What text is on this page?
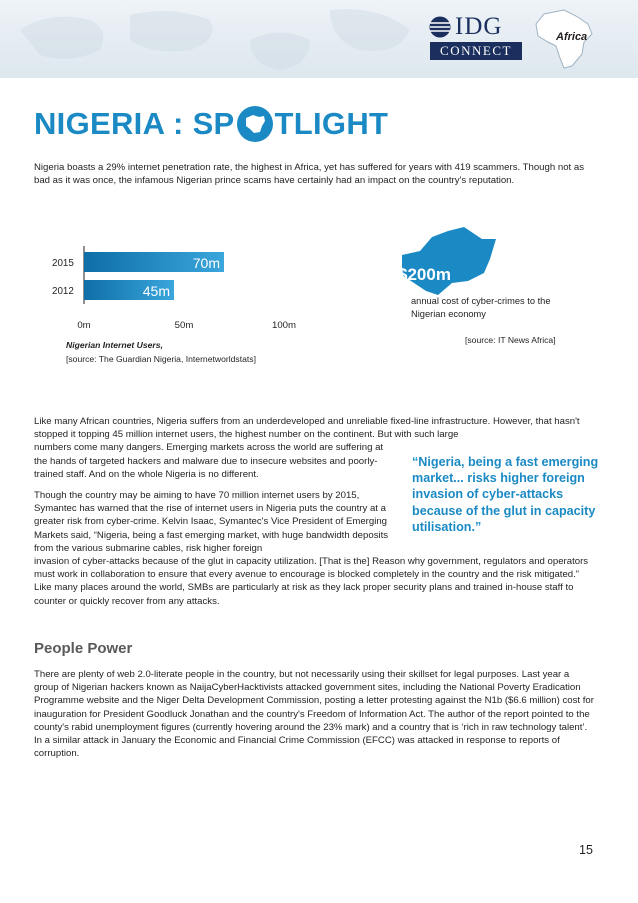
IDG
CONNECT
Africa
NIGERIA : SP TLIGHT

Nigeria boasts a 29% internet penetration rate, the highest in Africa, yet has suffered for years with 419 scammers. Though not as bad as it was once, the infamous Nigerian prince scams have certainly had an impact on the country's reputation.

2015	70m
2012	45m
0m	50m	100m
Nigerian Internet Users,
[source: The Guardian Nigeria, Internetworldstats]
$200m
annual cost of cyber-crimes to the Nigerian economy
[source: IT News Africa]

Like many African countries, Nigeria suffers from an underdeveloped and unreliable fixed-line infrastructure. However, that hasn't stopped it topping 45 million internet users, the highest number on the continent. But with such large
numbers come many dangers. Emerging markets across the world are suffering at the hands of targeted hackers and malware due to insecure websites and poorly-trained staff. And on the whole Nigeria is no different.
Though the country may be aiming to have 70 million internet users by 2015, Symantec has warned that the rise of internet users in Nigeria puts the country at a greater risk from cyber-crime. Kelvin Isaac, Symantec's Vice President of Emerging Markets said, “Nigeria, being a fast emerging market, with huge bandwidth deposits from the various submarine cables, risk higher foreign
invasion of cyber-attacks because of the glut in capacity utilization. [That is the] Reason why government, regulators and operators must work in collaboration to ensure that every avenue to encourage is blocked completely in the country and the risk mitigated.” Like many places around the world, SMBs are particularly at risk as they lack proper security plans and trained in-house staff to counter or quickly recover from any attacks.

“Nigeria, being a fast emerging market... risks higher foreign invasion of cyber-attacks because of the glut in capacity utilisation.”
People Power

There are plenty of web 2.0-literate people in the country, but not necessarily using their skillset for legal purposes. Last year a group of Nigerian hackers known as NaijaCyberHacktivists attacked government sites, including the National Poverty Eradication Programme website and the Niger Delta Development Commission, posting a letter protesting against the N1b ($6.6 million) cost for inauguration for President Goodluck Jonathan and the country's Freedom of Information Act. The author of the report pointed to the county's rabid unemployment figures (currently hovering around the 23% mark) and a country that is ‘rich in raw technology talent’. In a similar attack in January the Economic and Financial Crime Commission (EFCC) was attacked in response to reports of corruption.

15
